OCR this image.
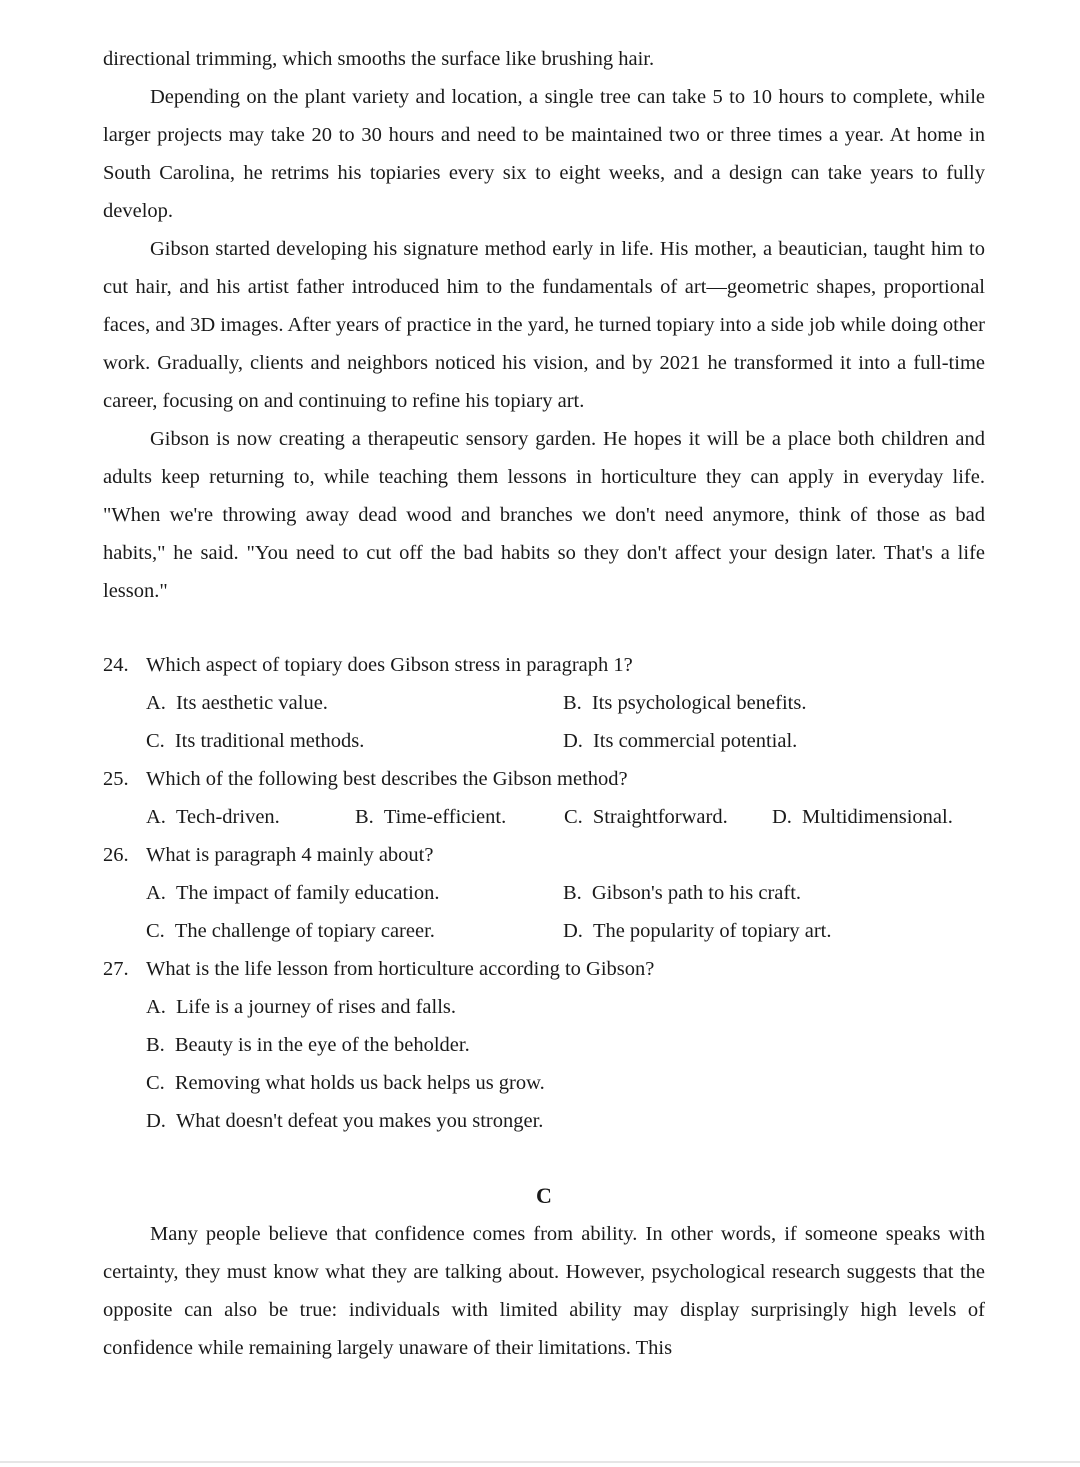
directional trimming, which smooths the surface like brushing hair.

Depending on the plant variety and location, a single tree can take 5 to 10 hours to complete, while larger projects may take 20 to 30 hours and need to be maintained two or three times a year. At home in South Carolina, he retrims his topiaries every six to eight weeks, and a design can take years to fully develop.

Gibson started developing his signature method early in life. His mother, a beautician, taught him to cut hair, and his artist father introduced him to the fundamentals of art—geometric shapes, proportional faces, and 3D images. After years of practice in the yard, he turned topiary into a side job while doing other work. Gradually, clients and neighbors noticed his vision, and by 2021 he transformed it into a full-time career, focusing on and continuing to refine his topiary art.

Gibson is now creating a therapeutic sensory garden. He hopes it will be a place both children and adults keep returning to, while teaching them lessons in horticulture they can apply in everyday life. "When we're throwing away dead wood and branches we don't need anymore, think of those as bad habits," he said. "You need to cut off the bad habits so they don't affect your design later. That's a life lesson."

24. Which aspect of topiary does Gibson stress in paragraph 1?

A. Its aesthetic value.	B. Its psychological benefits.
C. Its traditional methods.	D. Its commercial potential.

25. Which of the following best describes the Gibson method?

A. Tech-driven.	B. Time-efficient.	C. Straightforward.	D. Multidimensional.

26. What is paragraph 4 mainly about?

A. The impact of family education.	B. Gibson's path to his craft.
C. The challenge of topiary career.	D. The popularity of topiary art.

27. What is the life lesson from horticulture according to Gibson?

A. Life is a journey of rises and falls.
B. Beauty is in the eye of the beholder.
C. Removing what holds us back helps us grow.
D. What doesn't defeat you makes you stronger.

C

Many people believe that confidence comes from ability. In other words, if someone speaks with certainty, they must know what they are talking about. However, psychological research suggests that the opposite can also be true: individuals with limited ability may display surprisingly high levels of confidence while remaining largely unaware of their limitations. This
